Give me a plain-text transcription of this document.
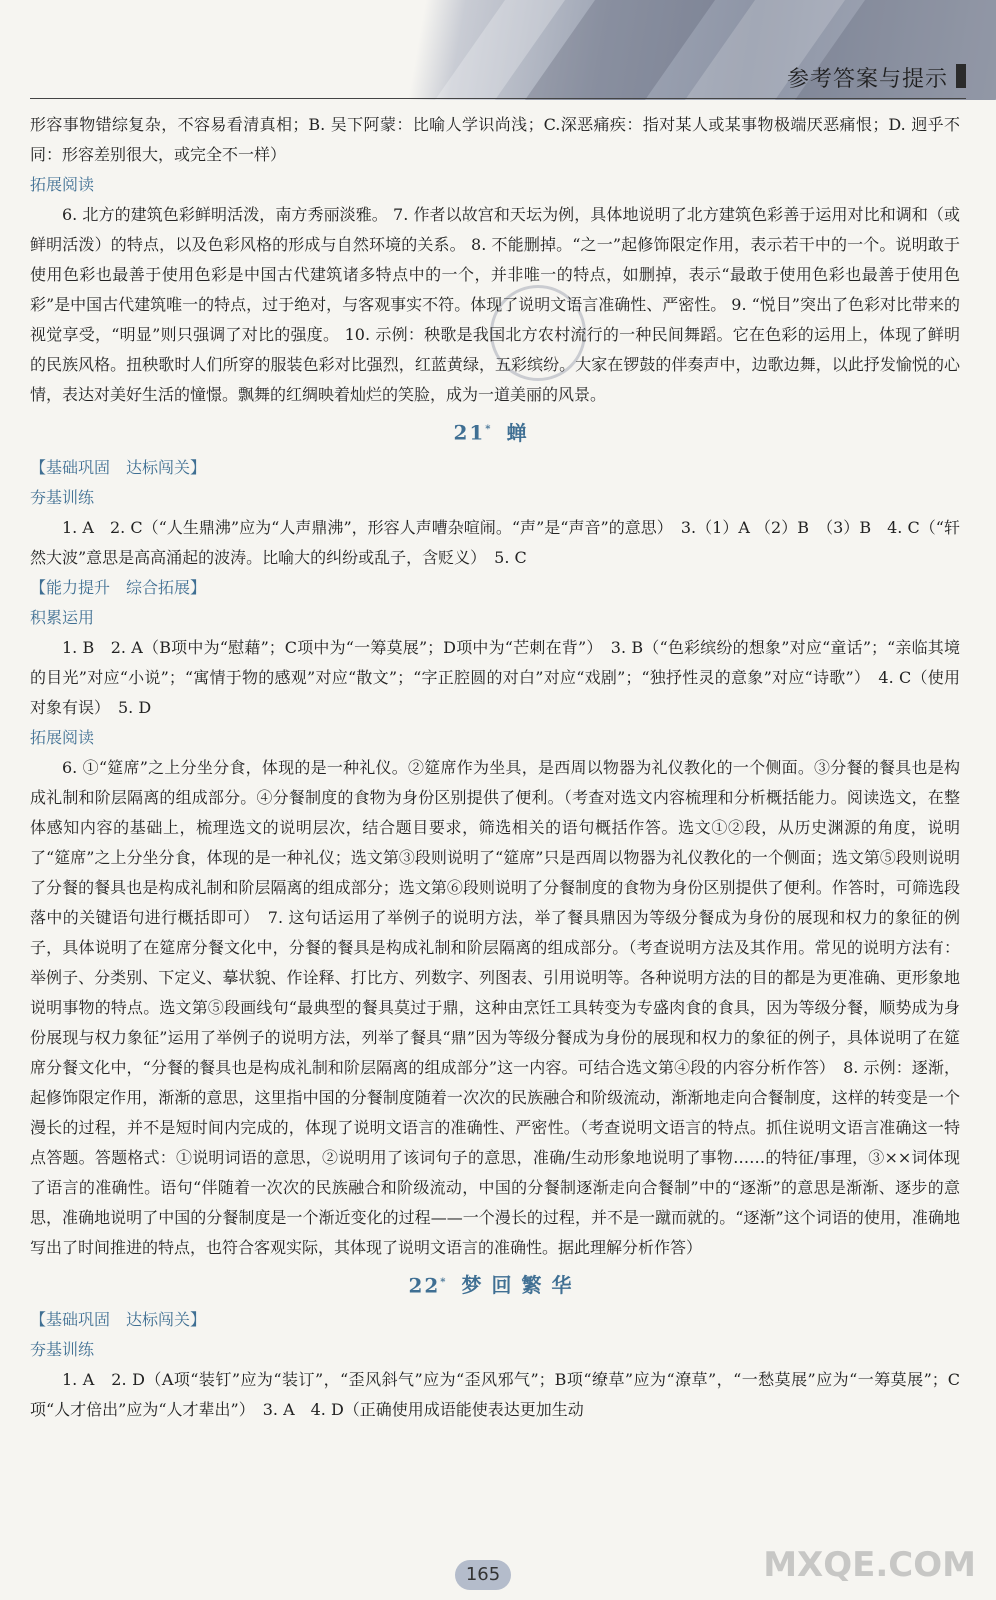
参考答案与提示

形容事物错综复杂，不容易看清真相；B. 吴下阿蒙：比喻人学识尚浅；C.深恶痛疾：指对某人或某事物极端厌恶痛恨；D. 迥乎不同：形容差别很大，或完全不一样）

拓展阅读

6. 北方的建筑色彩鲜明活泼，南方秀丽淡雅。 7. 作者以故宫和天坛为例，具体地说明了北方建筑色彩善于运用对比和调和（或鲜明活泼）的特点，以及色彩风格的形成与自然环境的关系。 8. 不能删掉。“之一”起修饰限定作用，表示若干中的一个。说明敢于使用色彩也最善于使用色彩是中国古代建筑诸多特点中的一个，并非唯一的特点，如删掉，表示“最敢于使用色彩也最善于使用色彩”是中国古代建筑唯一的特点，过于绝对，与客观事实不符。体现了说明文语言准确性、严密性。 9. “悦目”突出了色彩对比带来的视觉享受，“明显”则只强调了对比的强度。 10. 示例：秧歌是我国北方农村流行的一种民间舞蹈。它在色彩的运用上，体现了鲜明的民族风格。扭秧歌时人们所穿的服装色彩对比强烈，红蓝黄绿，五彩缤纷。大家在锣鼓的伴奏声中，边歌边舞，以此抒发愉悦的心情，表达对美好生活的憧憬。飘舞的红绸映着灿烂的笑脸，成为一道美丽的风景。

21* 蝉

【基础巩固　达标闯关】

夯基训练

1. A　2. C（“人生鼎沸”应为“人声鼎沸”，形容人声嘈杂喧闹。“声”是“声音”的意思）　3.（1）A （2）B　（3）B　4. C（“轩然大波”意思是高高涌起的波涛。比喻大的纠纷或乱子，含贬义）　5. C

【能力提升　综合拓展】

积累运用

1. B　2. A（B项中为“慰藉”；C项中为“一筹莫展”；D项中为“芒刺在背”）　3. B（“色彩缤纷的想象”对应“童话”；“亲临其境的目光”对应“小说”；“寓情于物的感观”对应“散文”；“字正腔圆的对白”对应“戏剧”；“独抒性灵的意象”对应“诗歌”）　4. C（使用对象有误）　5. D

拓展阅读

6. ①“筵席”之上分坐分食，体现的是一种礼仪。②筵席作为坐具，是西周以物器为礼仪教化的一个侧面。③分餐的餐具也是构成礼制和阶层隔离的组成部分。④分餐制度的食物为身份区别提供了便利。（考查对选文内容梳理和分析概括能力。阅读选文，在整体感知内容的基础上，梳理选文的说明层次，结合题目要求，筛选相关的语句概括作答。选文①②段，从历史渊源的角度，说明了“筵席”之上分坐分食，体现的是一种礼仪；选文第③段则说明了“筵席”只是西周以物器为礼仪教化的一个侧面；选文第⑤段则说明了分餐的餐具也是构成礼制和阶层隔离的组成部分；选文第⑥段则说明了分餐制度的食物为身份区别提供了便利。作答时，可筛选段落中的关键语句进行概括即可）　7. 这句话运用了举例子的说明方法，举了餐具鼎因为等级分餐成为身份的展现和权力的象征的例子，具体说明了在筵席分餐文化中，分餐的餐具是构成礼制和阶层隔离的组成部分。（考查说明方法及其作用。常见的说明方法有：举例子、分类别、下定义、摹状貌、作诠释、打比方、列数字、列图表、引用说明等。各种说明方法的目的都是为更准确、更形象地说明事物的特点。选文第⑤段画线句“最典型的餐具莫过于鼎，这种由烹饪工具转变为专盛肉食的食具，因为等级分餐，顺势成为身份展现与权力象征”运用了举例子的说明方法，列举了餐具“鼎”因为等级分餐成为身份的展现和权力的象征的例子，具体说明了在筵席分餐文化中，“分餐的餐具也是构成礼制和阶层隔离的组成部分”这一内容。可结合选文第④段的内容分析作答）　8. 示例：逐渐，起修饰限定作用，渐渐的意思，这里指中国的分餐制度随着一次次的民族融合和阶级流动，渐渐地走向合餐制度，这样的转变是一个漫长的过程，并不是短时间内完成的，体现了说明文语言的准确性、严密性。（考查说明文语言的特点。抓住说明文语言准确这一特点答题。答题格式：①说明词语的意思，②说明用了该词句子的意思，准确/生动形象地说明了事物……的特征/事理，③××词体现了语言的准确性。语句“伴随着一次次的民族融合和阶级流动，中国的分餐制逐渐走向合餐制”中的“逐渐”的意思是渐渐、逐步的意思，准确地说明了中国的分餐制度是一个渐近变化的过程——一个漫长的过程，并不是一蹴而就的。“逐渐”这个词语的使用，准确地写出了时间推进的特点，也符合客观实际，其体现了说明文语言的准确性。据此理解分析作答）

22* 梦回繁华

【基础巩固　达标闯关】

夯基训练

1. A　2. D（A项“装钉”应为“装订”，“歪风斜气”应为“歪风邪气”；B项“缭草”应为“潦草”，“一愁莫展”应为“一筹莫展”；C项“人才倍出”应为“人才辈出”）　3. A　4. D（正确使用成语能使表达更加生动

165	MXQE.COM
